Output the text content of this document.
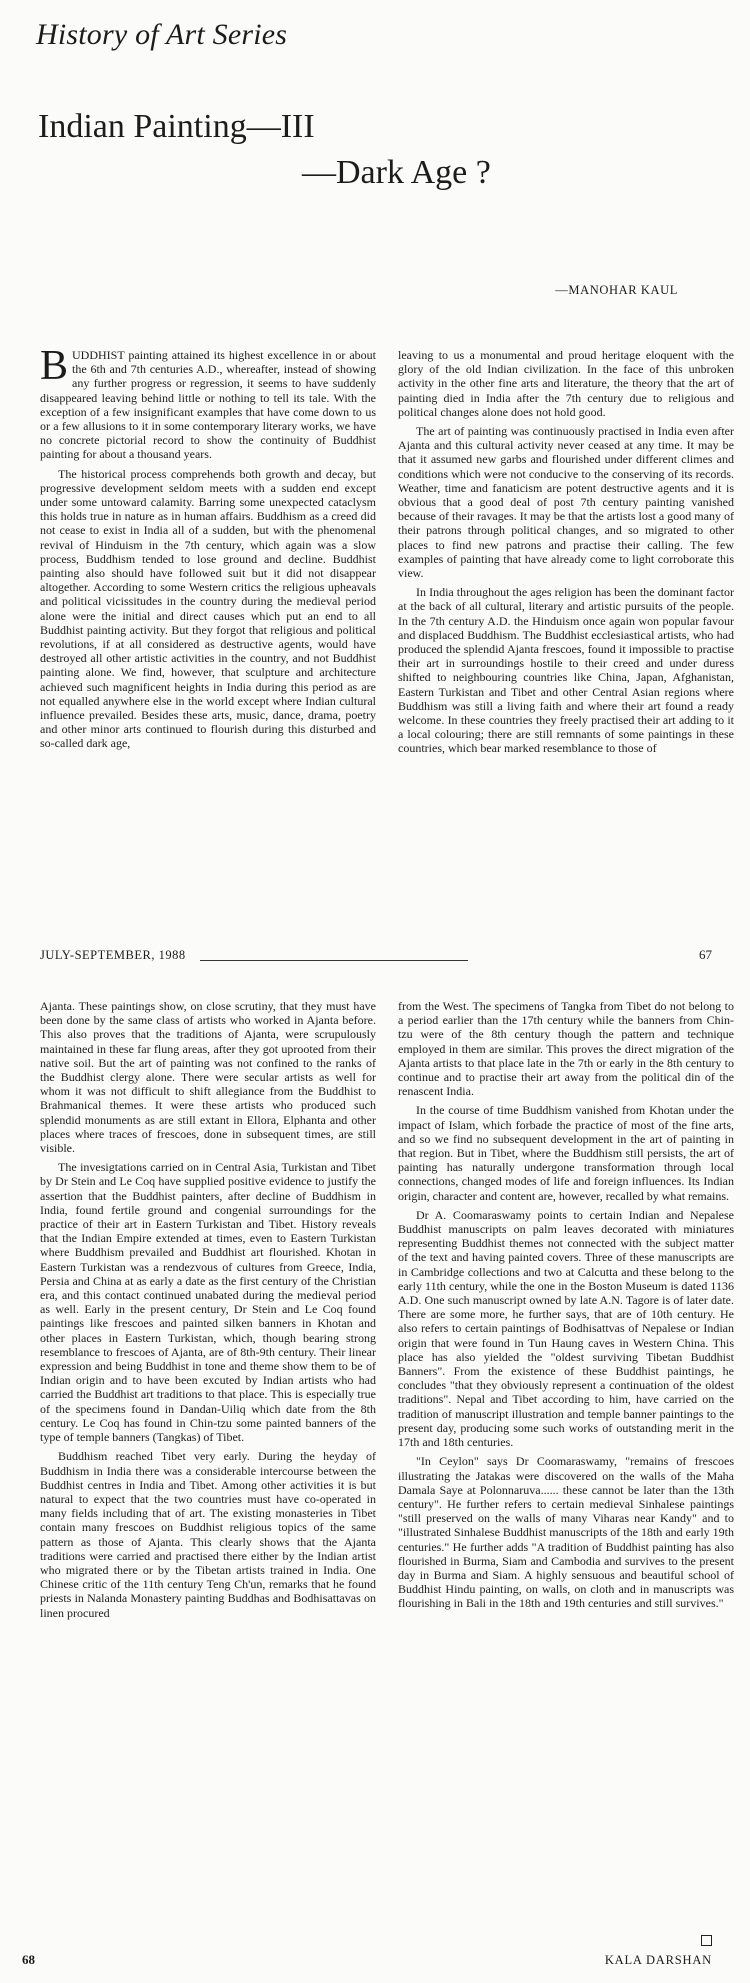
History of Art Series
Indian Painting—III
—Dark Age ?
—MANOHAR KAUL

BUDDHIST painting attained its highest excellence in or about the 6th and 7th centuries A.D., whereafter, instead of showing any further progress or regression, it seems to have suddenly disappeared leaving behind little or nothing to tell its tale. With the exception of a few insignificant examples that have come down to us or a few allusions to it in some contemporary literary works, we have no concrete pictorial record to show the continuity of Buddhist painting for about a thousand years.

The historical process comprehends both growth and decay, but progressive development seldom meets with a sudden end except under some untoward calamity. Barring some unexpected cataclysm this holds true in nature as in human affairs. Buddhism as a creed did not cease to exist in India all of a sudden, but with the phenomenal revival of Hinduism in the 7th century, which again was a slow process, Buddhism tended to lose ground and decline. Buddhist painting also should have followed suit but it did not disappear altogether. According to some Western critics the religious upheavals and political vicissitudes in the country during the medieval period alone were the initial and direct causes which put an end to all Buddhist painting activity. But they forgot that religious and political revolutions, if at all considered as destructive agents, would have destroyed all other artistic activities in the country, and not Buddhist painting alone. We find, however, that sculpture and architecture achieved such magnificent heights in India during this period as are not equalled anywhere else in the world except where Indian cultural influence prevailed. Besides these arts, music, dance, drama, poetry and other minor arts continued to flourish during this disturbed and so-called dark age,

leaving to us a monumental and proud heritage eloquent with the glory of the old Indian civilization. In the face of this unbroken activity in the other fine arts and literature, the theory that the art of painting died in India after the 7th century due to religious and political changes alone does not hold good.

The art of painting was continuously practised in India even after Ajanta and this cultural activity never ceased at any time. It may be that it assumed new garbs and flourished under different climes and conditions which were not conducive to the conserving of its records. Weather, time and fanaticism are potent destructive agents and it is obvious that a good deal of post 7th century painting vanished because of their ravages. It may be that the artists lost a good many of their patrons through political changes, and so migrated to other places to find new patrons and practise their calling. The few examples of painting that have already come to light corroborate this view.

In India throughout the ages religion has been the dominant factor at the back of all cultural, literary and artistic pursuits of the people. In the 7th century A.D. the Hinduism once again won popular favour and displaced Buddhism. The Buddhist ecclesiastical artists, who had produced the splendid Ajanta frescoes, found it impossible to practise their art in surroundings hostile to their creed and under duress shifted to neighbouring countries like China, Japan, Afghanistan, Eastern Turkistan and Tibet and other Central Asian regions where Buddhism was still a living faith and where their art found a ready welcome. In these countries they freely practised their art adding to it a local colouring; there are still remnants of some paintings in these countries, which bear marked resemblance to those of

JULY-SEPTEMBER, 1988	67

Ajanta. These paintings show, on close scrutiny, that they must have been done by the same class of artists who worked in Ajanta before. This also proves that the traditions of Ajanta, were scrupulously maintained in these far flung areas, after they got uprooted from their native soil. But the art of painting was not confined to the ranks of the Buddhist clergy alone. There were secular artists as well for whom it was not difficult to shift allegiance from the Buddhist to Brahmanical themes. It were these artists who produced such splendid monuments as are still extant in Ellora, Elphanta and other places where traces of frescoes, done in subsequent times, are still visible.

The invesigtations carried on in Central Asia, Turkistan and Tibet by Dr Stein and Le Coq have supplied positive evidence to justify the assertion that the Buddhist painters, after decline of Buddhism in India, found fertile ground and congenial surroundings for the practice of their art in Eastern Turkistan and Tibet. History reveals that the Indian Empire extended at times, even to Eastern Turkistan where Buddhism prevailed and Buddhist art flourished. Khotan in Eastern Turkistan was a rendezvous of cultures from Greece, India, Persia and China at as early a date as the first century of the Christian era, and this contact continued unabated during the medieval period as well. Early in the present century, Dr Stein and Le Coq found paintings like frescoes and painted silken banners in Khotan and other places in Eastern Turkistan, which, though bearing strong resemblance to frescoes of Ajanta, are of 8th-9th century. Their linear expression and being Buddhist in tone and theme show them to be of Indian origin and to have been excuted by Indian artists who had carried the Buddhist art traditions to that place. This is especially true of the specimens found in Dandan-Uiliq which date from the 8th century. Le Coq has found in Chin-tzu some painted banners of the type of temple banners (Tangkas) of Tibet.

Buddhism reached Tibet very early. During the heyday of Buddhism in India there was a considerable intercourse between the Buddhist centres in India and Tibet. Among other activities it is but natural to expect that the two countries must have co-operated in many fields including that of art. The existing monasteries in Tibet contain many frescoes on Buddhist religious topics of the same pattern as those of Ajanta. This clearly shows that the Ajanta traditions were carried and practised there either by the Indian artist who migrated there or by the Tibetan artists trained in India. One Chinese critic of the 11th century Teng Ch'un, remarks that he found priests in Nalanda Monastery painting Buddhas and Bodhisattavas on linen procured

from the West. The specimens of Tangka from Tibet do not belong to a period earlier than the 17th century while the banners from Chin-tzu were of the 8th century though the pattern and technique employed in them are similar. This proves the direct migration of the Ajanta artists to that place late in the 7th or early in the 8th century to continue and to practise their art away from the political din of the renascent India.

In the course of time Buddhism vanished from Khotan under the impact of Islam, which forbade the practice of most of the fine arts, and so we find no subsequent development in the art of painting in that region. But in Tibet, where the Buddhism still persists, the art of painting has naturally undergone transformation through local connections, changed modes of life and foreign influences. Its Indian origin, character and content are, however, recalled by what remains.

Dr A. Coomaraswamy points to certain Indian and Nepalese Buddhist manuscripts on palm leaves decorated with miniatures representing Buddhist themes not connected with the subject matter of the text and having painted covers. Three of these manuscripts are in Cambridge collections and two at Calcutta and these belong to the early 11th century, while the one in the Boston Museum is dated 1136 A.D. One such manuscript owned by late A.N. Tagore is of later date. There are some more, he further says, that are of 10th century. He also refers to certain paintings of Bodhisattvas of Nepalese or Indian origin that were found in Tun Haung caves in Western China. This place has also yielded the "oldest surviving Tibetan Buddhist Banners". From the existence of these Buddhist paintings, he concludes "that they obviously represent a continuation of the oldest traditions". Nepal and Tibet according to him, have carried on the tradition of manuscript illustration and temple banner paintings to the present day, producing some such works of outstanding merit in the 17th and 18th centuries.

"In Ceylon" says Dr Coomaraswamy, "remains of frescoes illustrating the Jatakas were discovered on the walls of the Maha Damala Saye at Polonnaruva...... these cannot be later than the 13th century". He further refers to certain medieval Sinhalese paintings "still preserved on the walls of many Viharas near Kandy" and to "illustrated Sinhalese Buddhist manuscripts of the 18th and early 19th centuries." He further adds "A tradition of Buddhist painting has also flourished in Burma, Siam and Cambodia and survives to the present day in Burma and Siam. A highly sensuous and beautiful school of Buddhist Hindu painting, on walls, on cloth and in manuscripts was flourishing in Bali in the 18th and 19th centuries and still survives."

68	KALA DARSHAN
